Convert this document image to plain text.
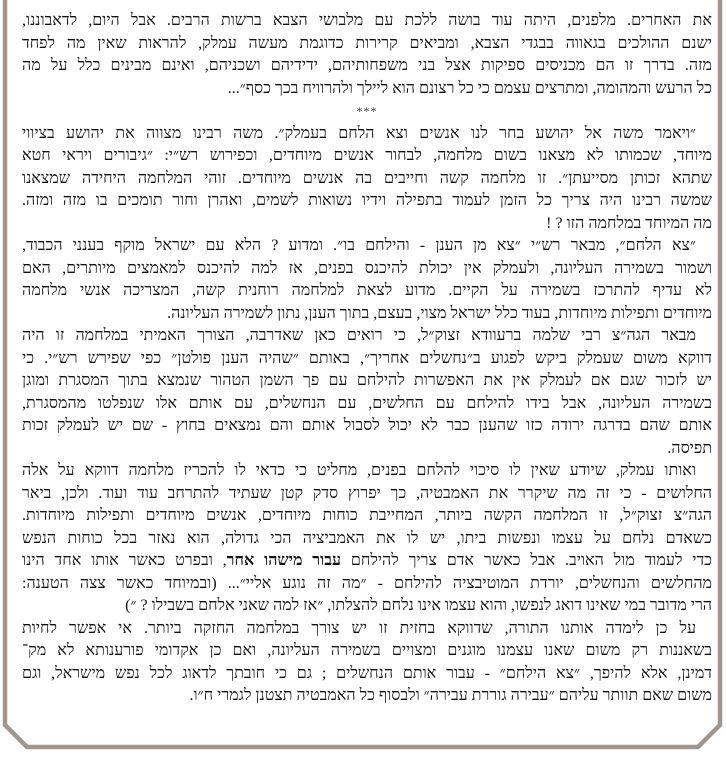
את האחרים. מלפנים, היתה עוד בושה ללכת עם מלבושי הצבא ברשות הרבים. אבל היום, לדאבוננו,
ישנם ההולכים בגאווה בבגדי הצבא, ומביאים קרירות כדוגמת מעשה עמלק, להראות שאין מה לפחד
מזה. בדרך זו הם מכניסים ספיקות אצל בני משפחותיהם, ידידיהם ושכניהם, ואינם מבינים כלל על מה
כל הרעש והמהומה, ומתרצים עצמם כי כל רצונם הוא ליילך ולהרוויח בכך כסף״...
***
״ויאמר משה אל יהושע בחר לנו אנשים וצא הלחם בעמלק״. משה רבינו מצווה את יהושע בציווי
מיוחד, שכמותו לא מצאנו בשום מלחמה, לבחור אנשים מיוחדים, וכפירוש רש״י: ״גיבורים ויראי חטא
שתהא זכותן מסייעתן״. זו מלחמה קשה וחייבים בה אנשים מיוחדים. זוהי המלחמה היחידה שמצאנו
שמשה רבינו היה צריך כל הזמן לעמוד בתפילה וידיו נשואות לשמים, ואהרן וחור תומכים בו מזה ומזה.
מה המיוחד במלחמה הזו ? !
״צא הלחם״, מבאר רש״י ״צא מן הענן - והילחם בו״. ומדוע ? הלא עם ישראל מוקף בענני הכבוד,
ושמור בשמירה העליונה, ולעמלק אין יכולת להיכנס בפנים, אז למה להיכנס למאמצים מיותרים, האם
לא עדיף להתרכז בשמירה על הקיים. מדוע לצאת למלחמה רוחנית קשה, המצריכה אנשי מלחמה
מיוחדים ותפילות מיוחדות, בעוד כלל ישראל מצוי, בעצם, בתוך הענן, נתון לשמירה העליונה.
מבאר הגה״צ רבי שלמה ברעוודא זצוק״ל, כי רואים כאן שאדרבה, הצורך האמיתי במלחמה זו היה
דווקא משום שעמלק ביקש לפגוע ב״נחשלים אחריך״, באותם ״שהיה הענן פולטן״ כפי שפירש רש״י. כי
יש לזכור שגם אם לעמלק אין את האפשרות להילחם עם פך השמן הטהור שנמצא בתוך המסגרת ומוגן
בשמירה העליונה, אבל בידו להילחם עם החלשים, עם הנחשלים, עם אותם אלו שנפלטו מהמסגרת,
אותם שהם בדרגה ירודה כזו שהענן כבר לא יכול לסבול אותם והם נמצאים בחוץ - שם יש לעמלק זכות
תפיסה.
ואותו עמלק, שיודע שאין לו סיכוי להלחם בפנים, מחליט כי כדאי לו להכריז מלחמה דווקא על אלה
החלושים - כי זה מה שיקרר את האמבטיה, כך יפרוץ סדק קטן שעתיד להתרחב עוד ועוד. ולכן, ביאר
הגה״צ זצוק״ל, זו המלחמה הקשה ביותר, המחייבת כוחות מיוחדים, אנשים מיוחדים ותפילות מיוחדות.
כשאדם נלחם על עצמו ונפשות ביתו, יש לו את האמביציה הכי גדולה, הוא נאזר בכל כוחות הנפש
כדי לעמוד מול האויב. אבל כאשר אדם צריך להילחם עבור מישהו אחר, ובפרט כאשר אותו אחד הינו
מהחלשים והנחשלים, יורדת המוטיבציה להילחם - ״מה זה נוגע אליי״... (ובמיוחד כאשר צצה הטענה:
הרי מדובר במי שאינו דואג לנפשו, והוא עצמו אינו נלחם להצלתו, ״אז למה שאני אלחם בשבילו ? ״)
על כן לימדה אותנו התורה, שדווקא בחזית זו יש צורך במלחמה החזקה ביותר. אי אפשר לחיות
בשאננות רק משום שאנו עצמנו מוגנים ומצויים בשמירה העליונה, ואם כן אקדומי פורענותא לא מק־
דמינן, אלא להיפך, ״צא הילחם״ - עבור אותם הנחשלים ; גם כי חובתך לדאוג לכל נפש מישראל, וגם
משום שאם תוותר עליהם ״עבירה גוררת עבירה״ ולבסוף כל האמבטיה תצטנן לגמרי ח״ו.
